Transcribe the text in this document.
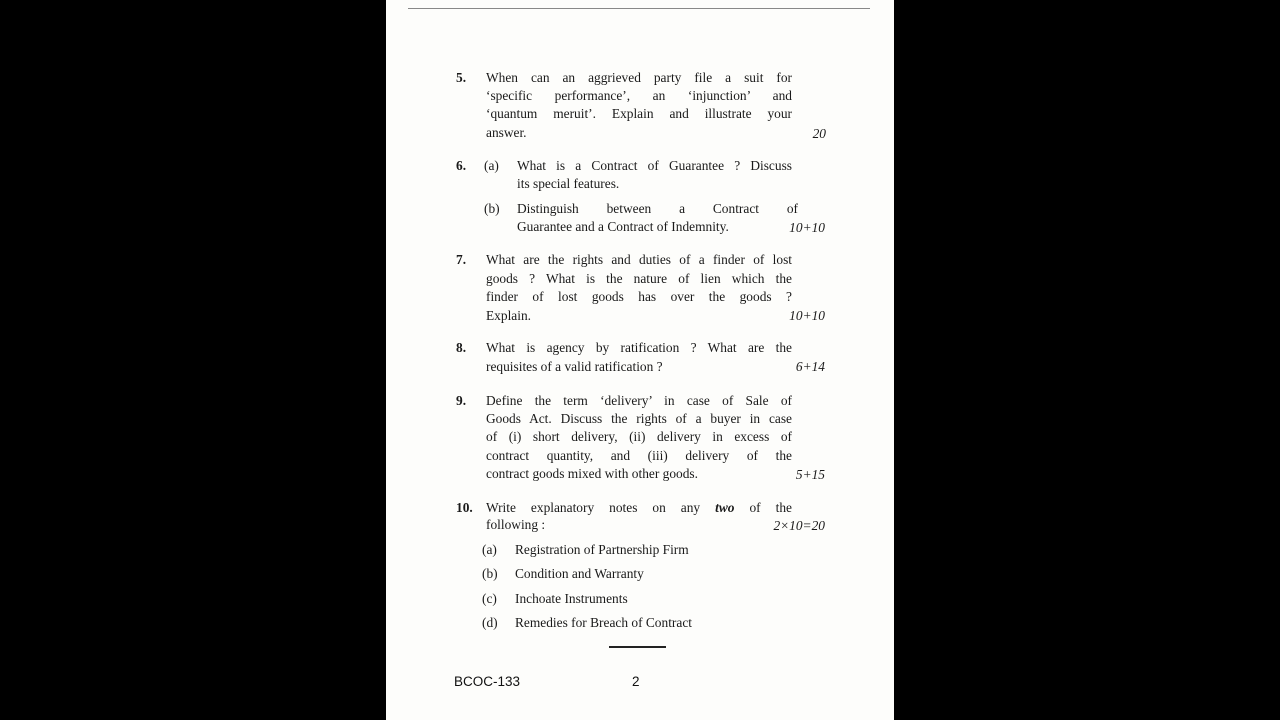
5. When can an aggrieved party file a suit for
‘specific performance’, an ‘injunction’ and
‘quantum meruit’. Explain and illustrate your
answer.	20
6. (a) What is a Contract of Guarantee ? Discuss
its special features.
(b) Distinguish between a Contract of
Guarantee and a Contract of Indemnity.	10+10
7. What are the rights and duties of a finder of lost
goods ? What is the nature of lien which the
finder of lost goods has over the goods ?
Explain.	10+10
8. What is agency by ratification ? What are the
requisites of a valid ratification ?	6+14
9. Define the term ‘delivery’ in case of Sale of
Goods Act. Discuss the rights of a buyer in case
of (i) short delivery, (ii) delivery in excess of
contract quantity, and (iii) delivery of the
contract goods mixed with other goods.	5+15
10. Write explanatory notes on any two of the
following :	2×10=20
(a) Registration of Partnership Firm
(b) Condition and Warranty
(c) Inchoate Instruments
(d) Remedies for Breach of Contract
BCOC-133	2
